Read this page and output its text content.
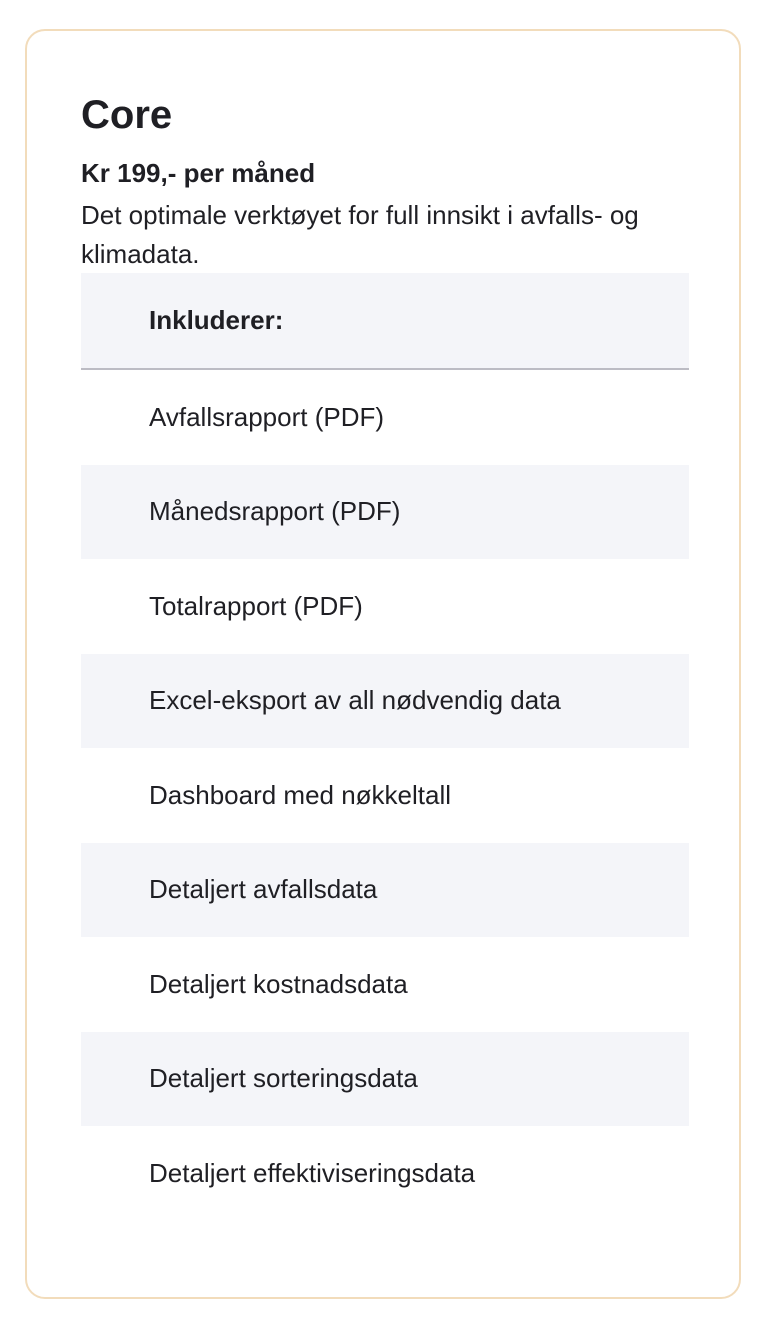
Core
Kr 199,- per måned

Det optimale verktøyet for full innsikt i avfalls- og klimadata.

Inkluderer:
Avfallsrapport (PDF)
Månedsrapport (PDF)
Totalrapport (PDF)
Excel-eksport av all nødvendig data
Dashboard med nøkkeltall
Detaljert avfallsdata
Detaljert kostnadsdata
Detaljert sorteringsdata
Detaljert effektiviseringsdata
